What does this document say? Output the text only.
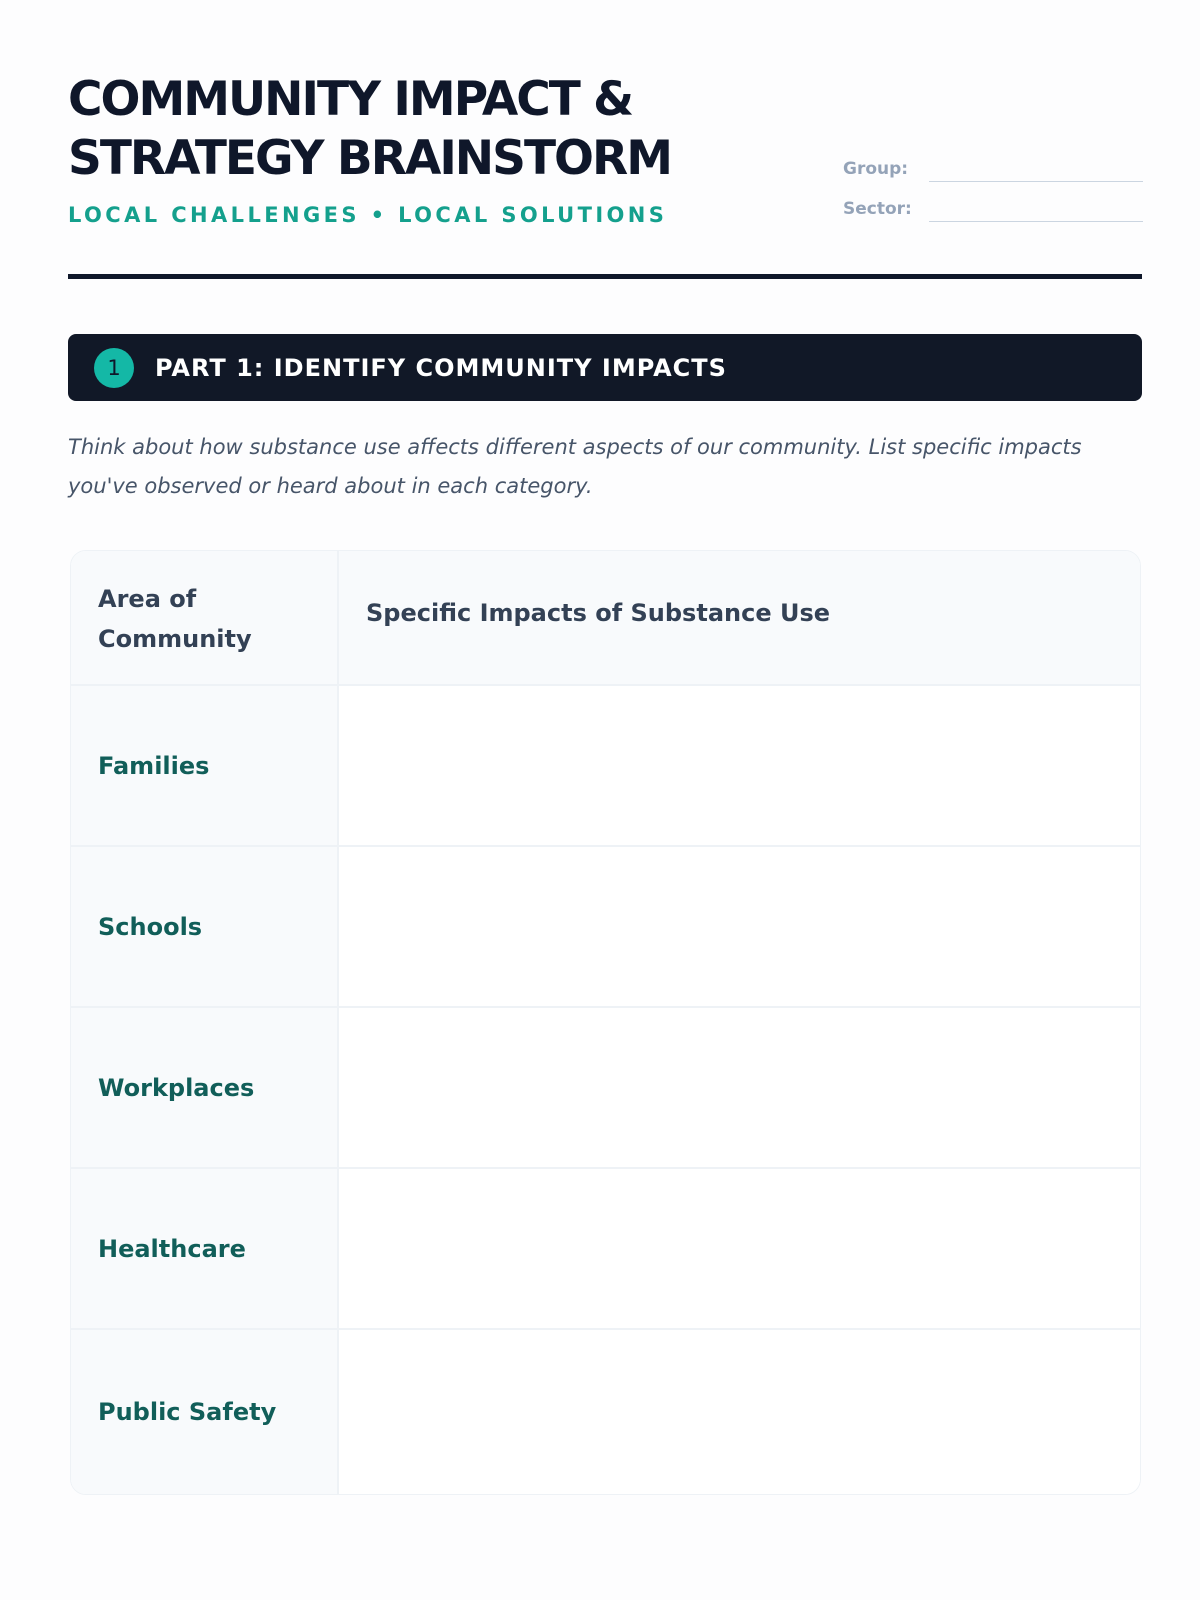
COMMUNITY IMPACT &
STRATEGY BRAINSTORM

LOCAL CHALLENGES • LOCAL SOLUTIONS

Group:
Sector:
1	PART 1: IDENTIFY COMMUNITY IMPACTS

Think about how substance use affects different aspects of our community. List specific impacts you've observed or heard about in each category.

Area of Community
Specific Impacts of Substance Use
Families
Schools
Workplaces
Healthcare
Public Safety
